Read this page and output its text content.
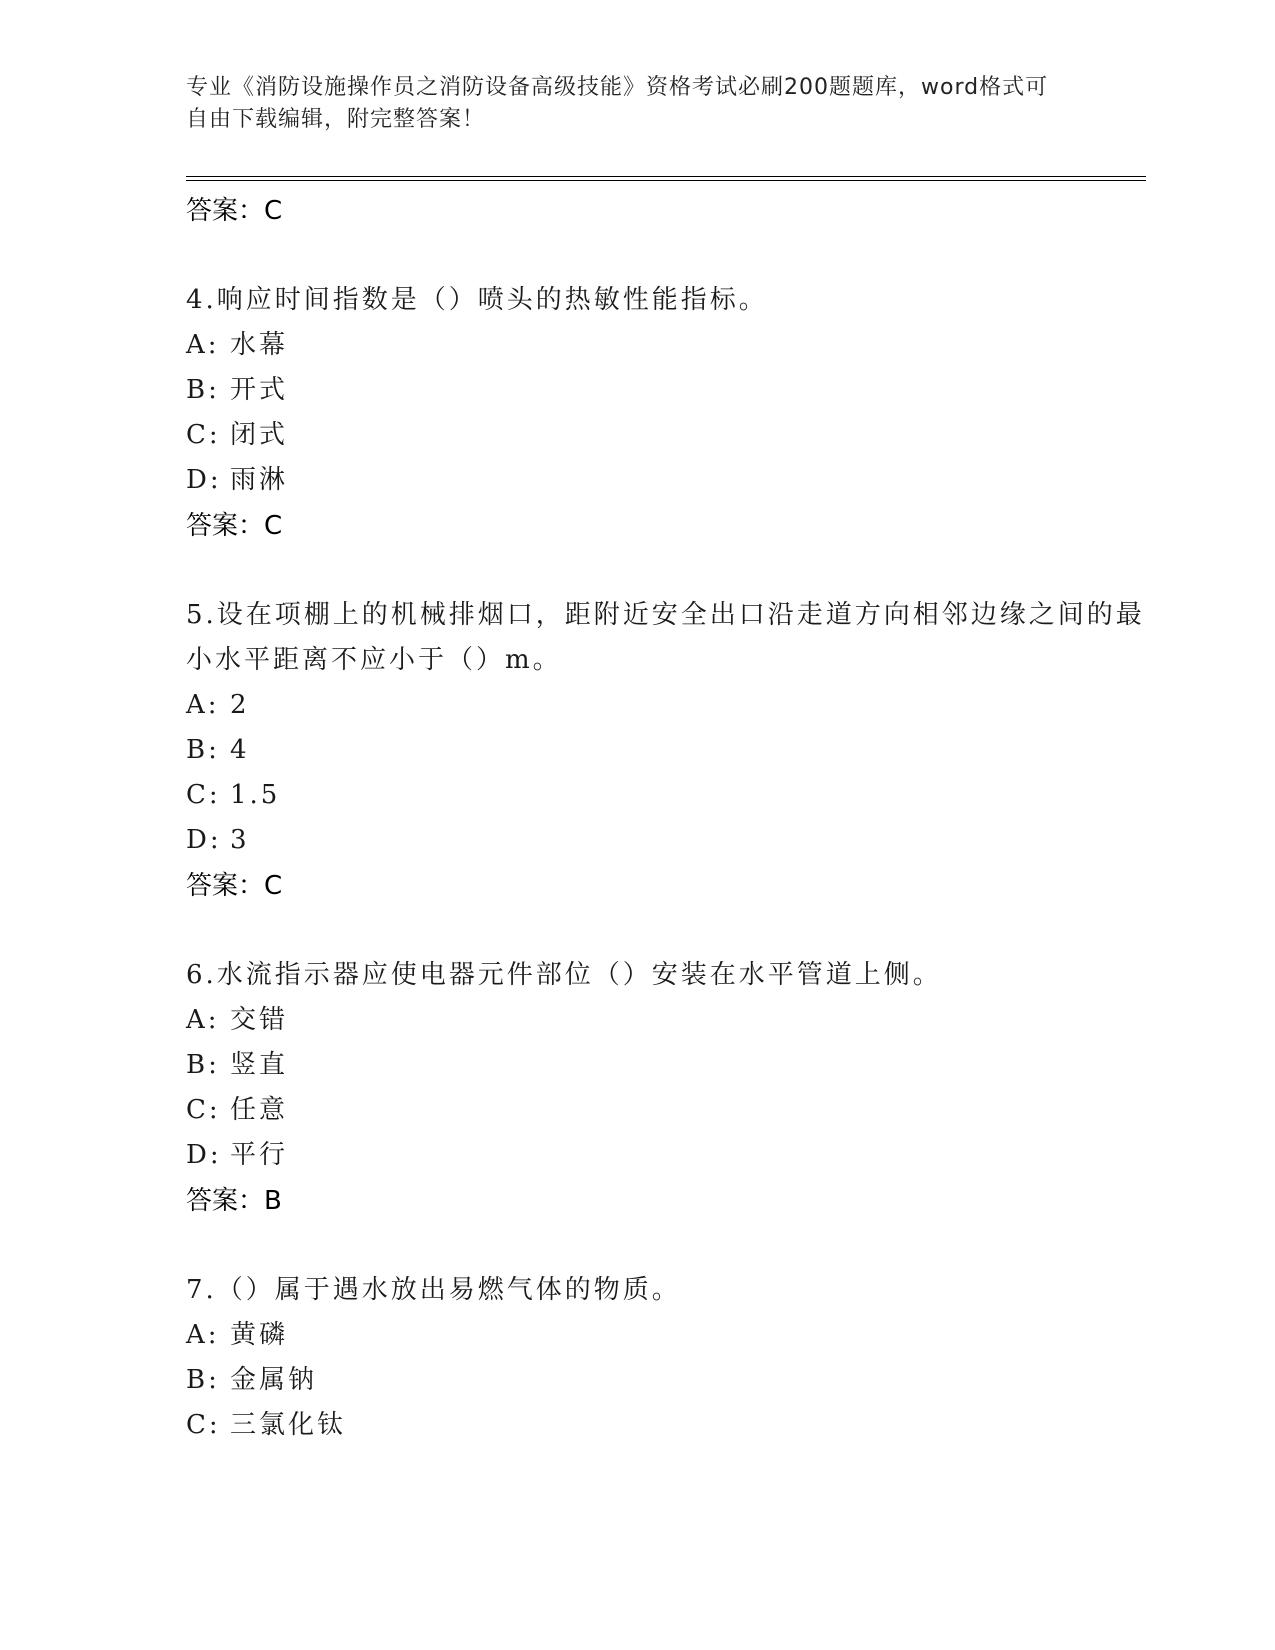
专业《消防设施操作员之消防设备高级技能》资格考试必刷200题题库，word格式可自由下载编辑，附完整答案！
答案：C
4.响应时间指数是（）喷头的热敏性能指标。
A: 水幕
B: 开式
C: 闭式
D: 雨淋
答案：C
5.设在项棚上的机械排烟口，距附近安全出口沿走道方向相邻边缘之间的最小水平距离不应小于（）m。
A: 2
B: 4
C: 1.5
D: 3
答案：C
6.水流指示器应使电器元件部位（）安装在水平管道上侧。
A: 交错
B: 竖直
C: 任意
D: 平行
答案：B
7.（）属于遇水放出易燃气体的物质。
A: 黄磷
B: 金属钠
C: 三氯化钛
